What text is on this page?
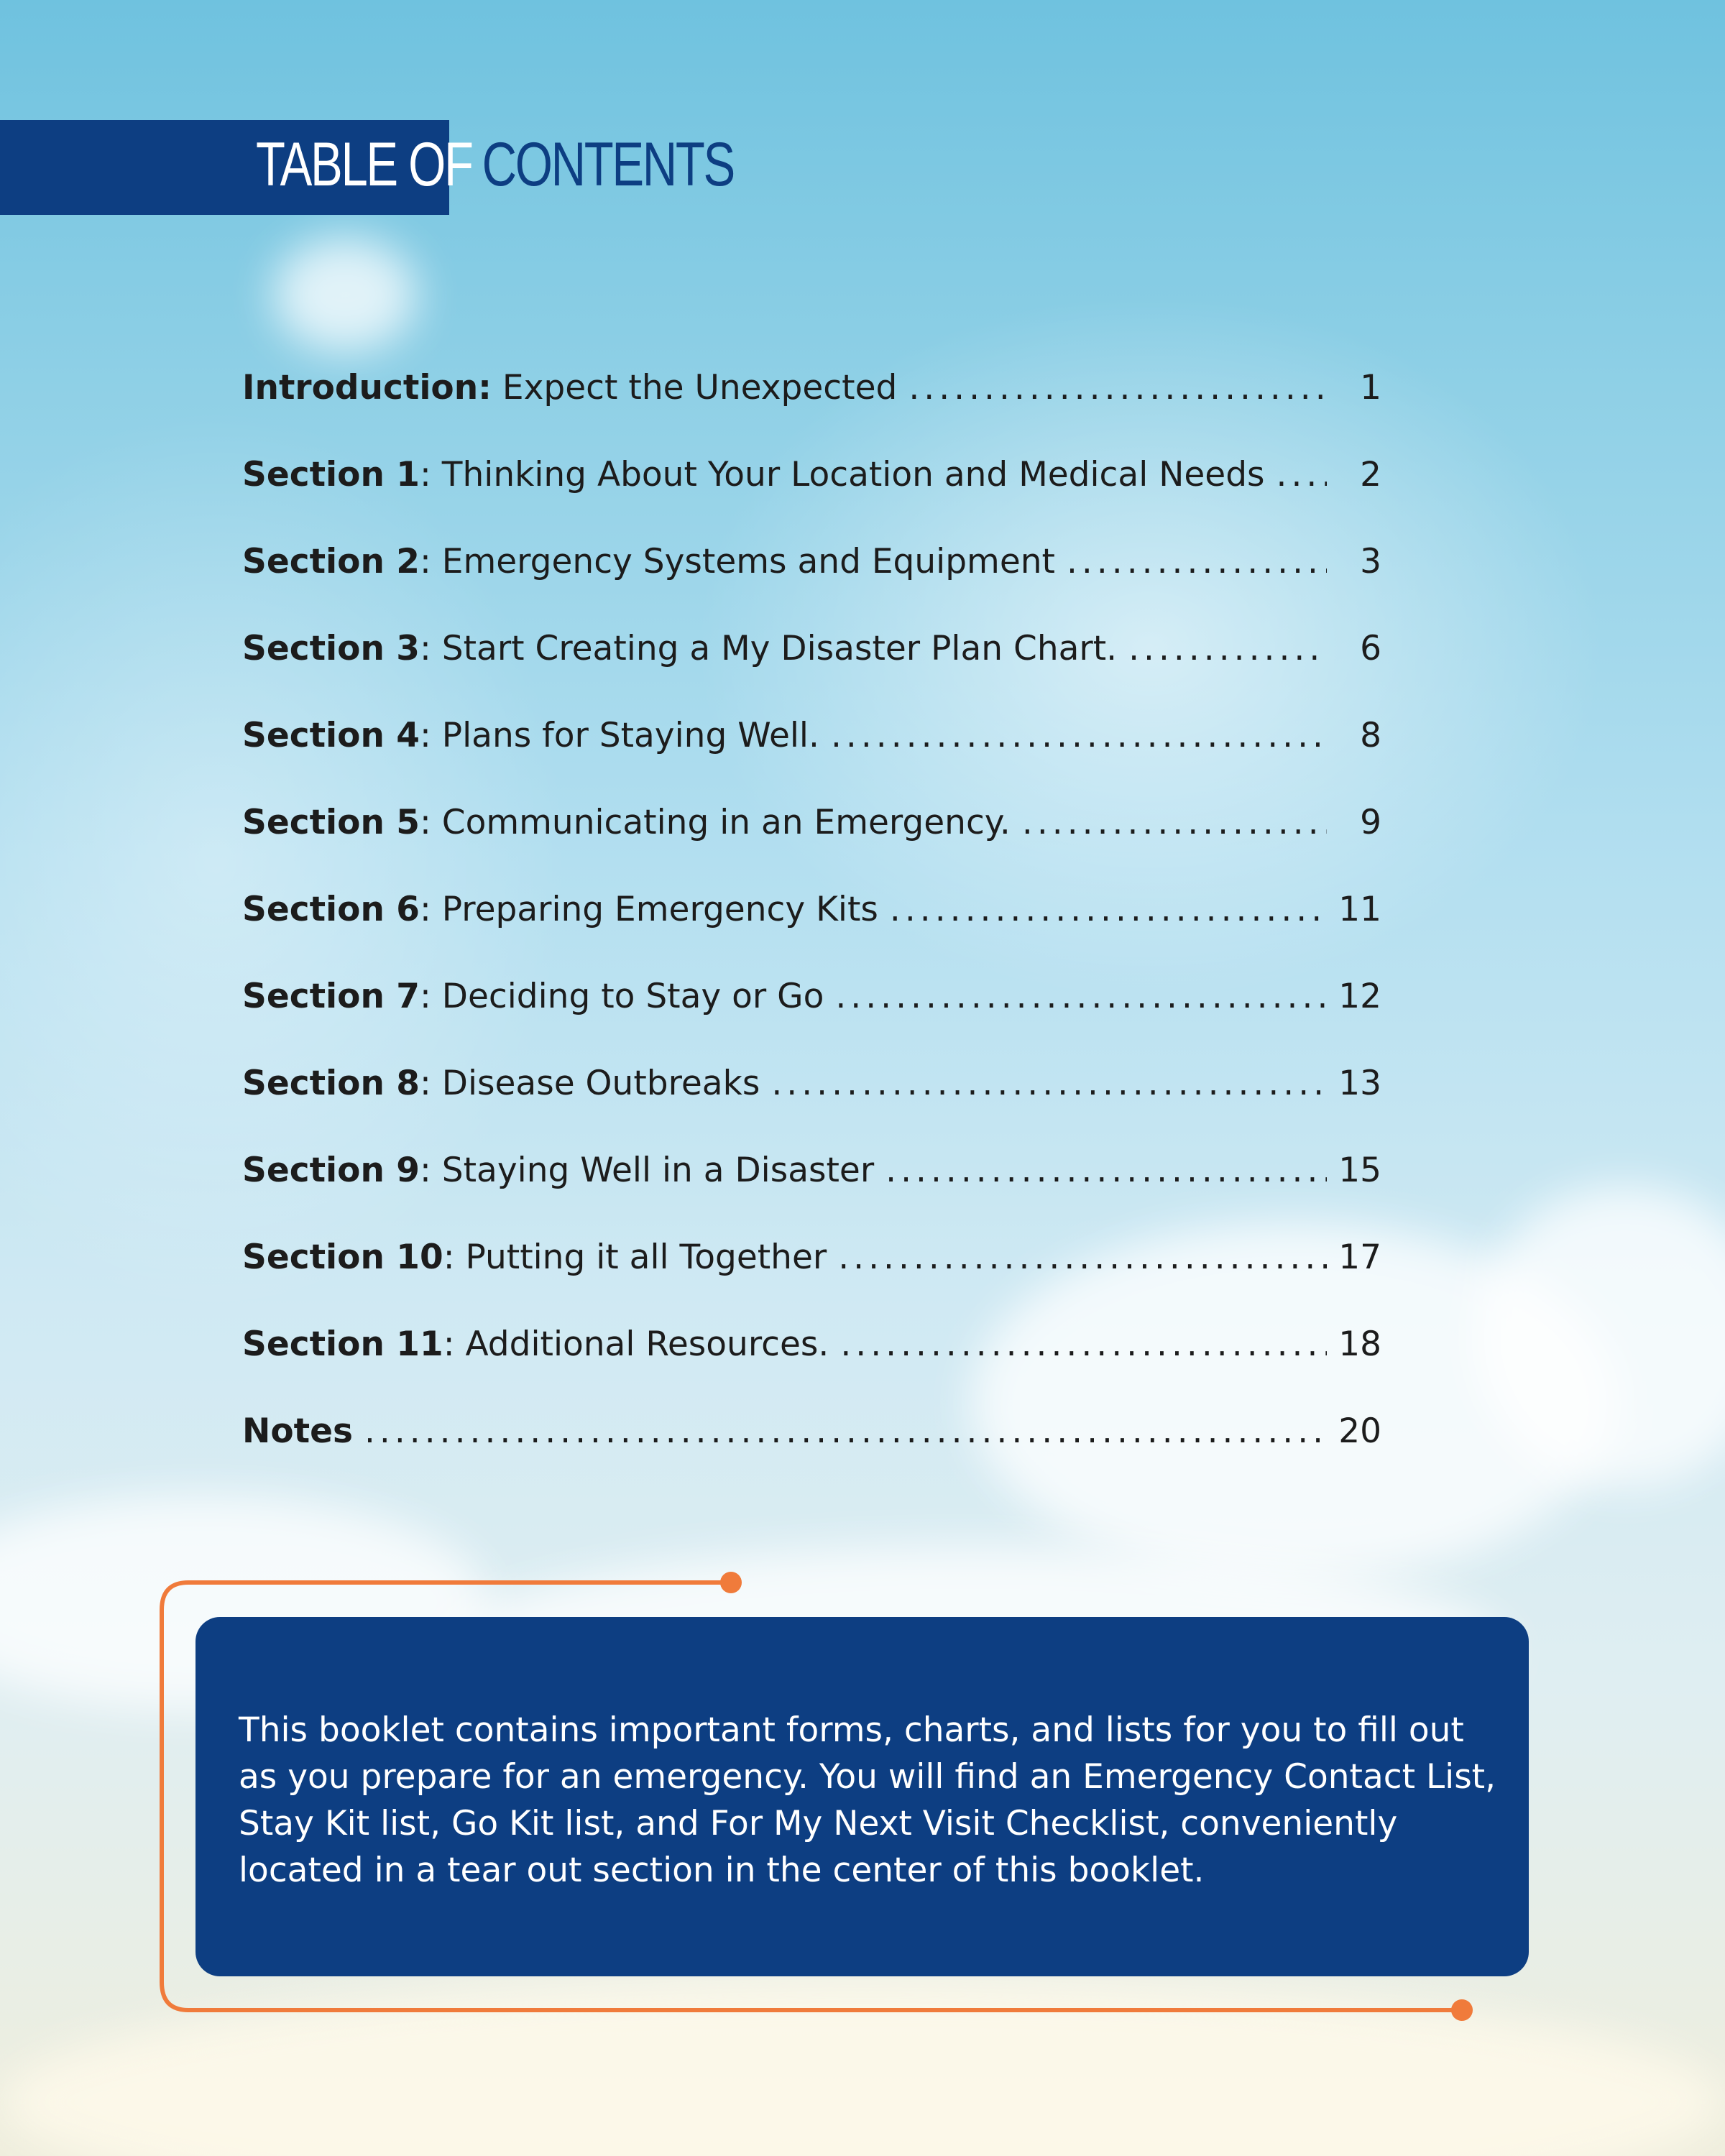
TABLE OF CONTENTS
Introduction: Expect the Unexpected .....	1
Section 1: Thinking About Your Location and Medical Needs .....	2
Section 2: Emergency Systems and Equipment .....	3
Section 3: Start Creating a My Disaster Plan Chart. .....	6
Section 4: Plans for Staying Well. .....	8
Section 5: Communicating in an Emergency. .....	9
Section 6: Preparing Emergency Kits .....	11
Section 7: Deciding to Stay or Go .....	12
Section 8: Disease Outbreaks .....	13
Section 9: Staying Well in a Disaster .....	15
Section 10: Putting it all Together .....	17
Section 11: Additional Resources. .....	18
Notes .....	20
This booklet contains important forms, charts, and lists for you to fill out as you prepare for an emergency. You will find an Emergency Contact List, Stay Kit list, Go Kit list, and For My Next Visit Checklist, conveniently located in a tear out section in the center of this booklet.
